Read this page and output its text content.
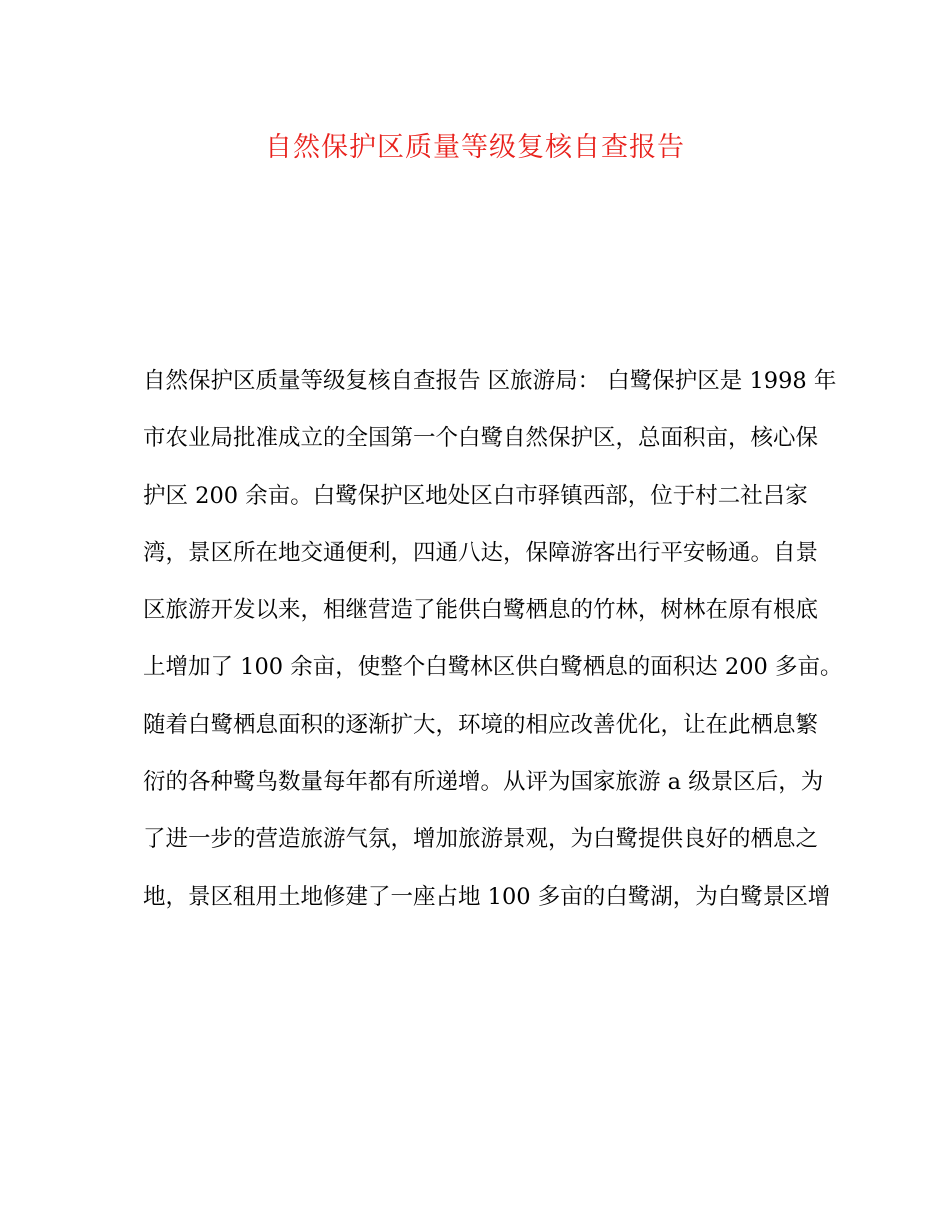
自然保护区质量等级复核自查报告
自然保护区质量等级复核自查报告 区旅游局： 白鹭保护区是 1998 年
市农业局批准成立的全国第一个白鹭自然保护区，总面积亩，核心保
护区 200 余亩。白鹭保护区地处区白市驿镇西部，位于村二社吕家
湾，景区所在地交通便利，四通八达，保障游客出行平安畅通。自景
区旅游开发以来，相继营造了能供白鹭栖息的竹林，树林在原有根底
上增加了 100 余亩，使整个白鹭林区供白鹭栖息的面积达 200 多亩。
随着白鹭栖息面积的逐渐扩大，环境的相应改善优化，让在此栖息繁
衍的各种鹭鸟数量每年都有所递增。从评为国家旅游 a 级景区后，为
了进一步的营造旅游气氛，增加旅游景观，为白鹭提供良好的栖息之
地，景区租用土地修建了一座占地 100 多亩的白鹭湖，为白鹭景区增
